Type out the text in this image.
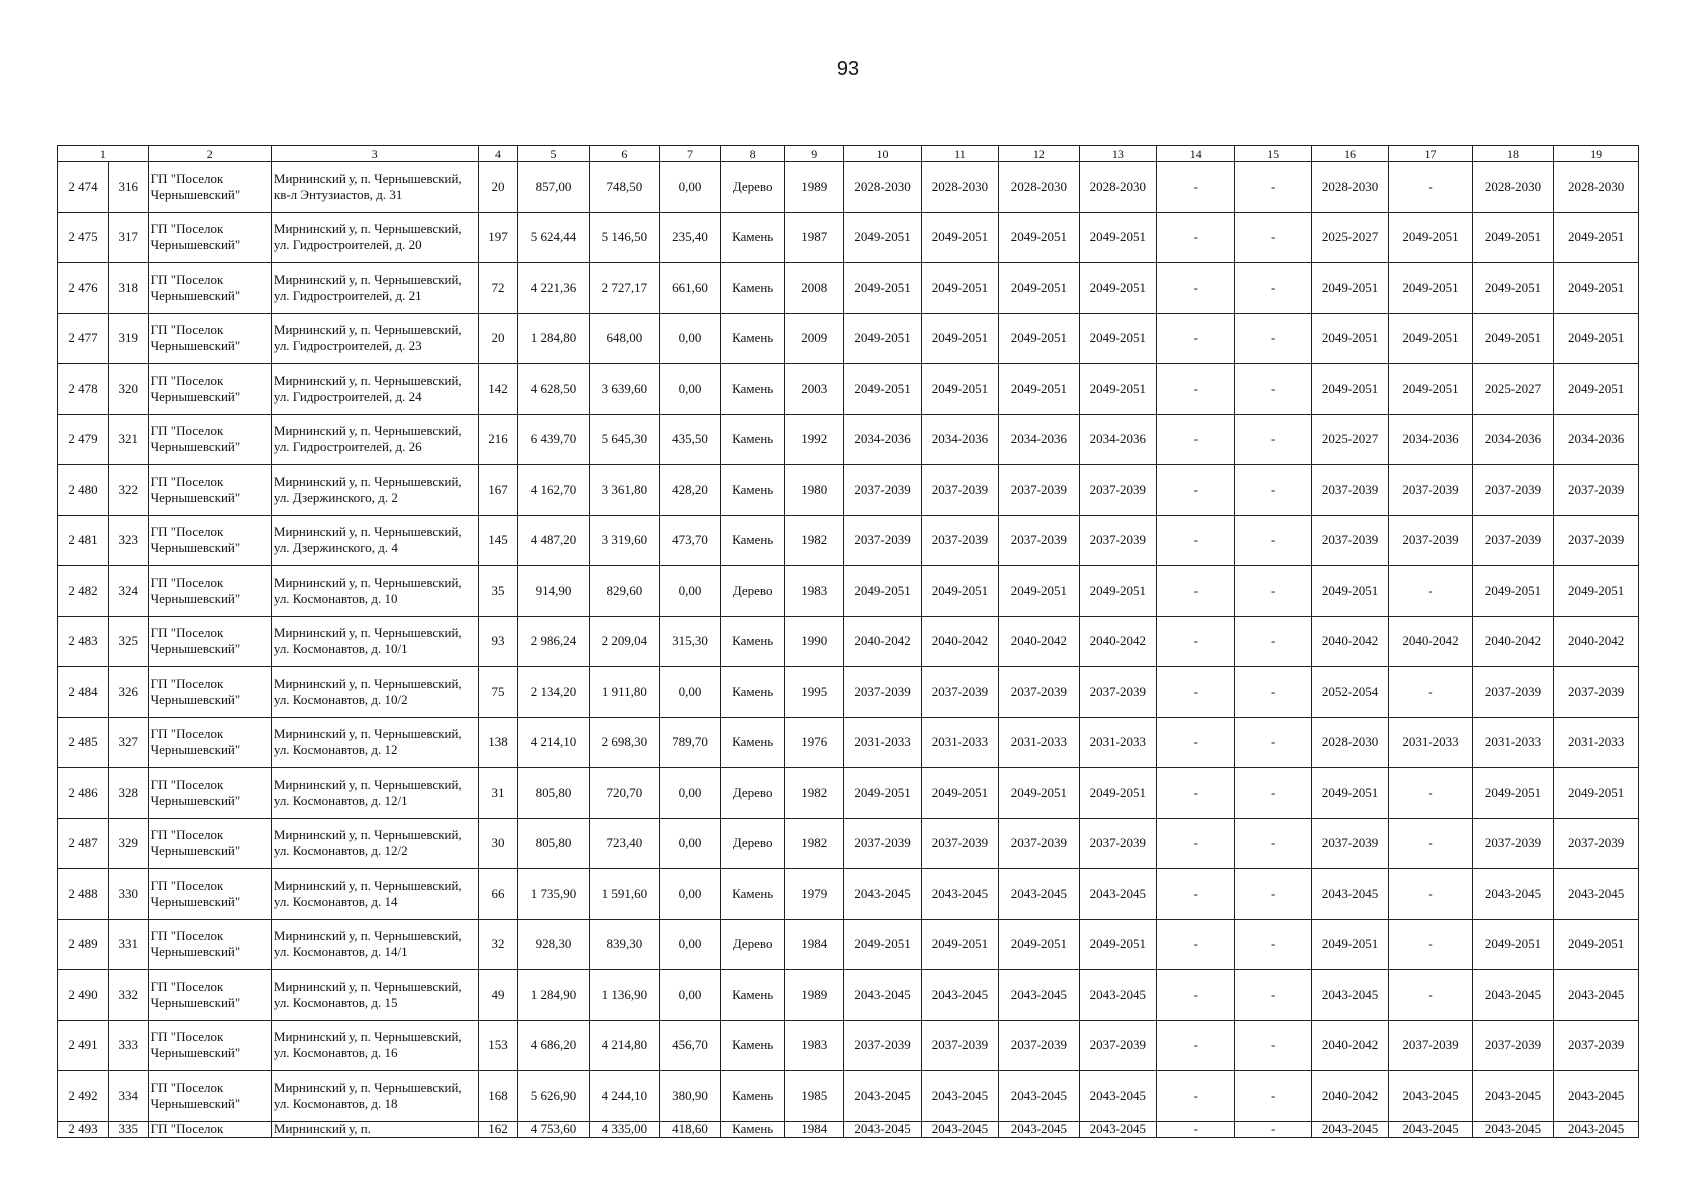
93
1		2	3	4	5	6	7	8	9	10	11	12	13	14	15	16	17	18	19
2 474	316	ГП "Поселок Чернышевский"	Мирнинский у, п. Чернышевский, кв-л Энтузиастов, д. 31	20	857,00	748,50	0,00	Дерево	1989	2028-2030	2028-2030	2028-2030	2028-2030	-	-	2028-2030	-	2028-2030	2028-2030
2 475	317	ГП "Поселок Чернышевский"	Мирнинский у, п. Чернышевский, ул. Гидростроителей, д. 20	197	5 624,44	5 146,50	235,40	Камень	1987	2049-2051	2049-2051	2049-2051	2049-2051	-	-	2025-2027	2049-2051	2049-2051	2049-2051
2 476	318	ГП "Поселок Чернышевский"	Мирнинский у, п. Чернышевский, ул. Гидростроителей, д. 21	72	4 221,36	2 727,17	661,60	Камень	2008	2049-2051	2049-2051	2049-2051	2049-2051	-	-	2049-2051	2049-2051	2049-2051	2049-2051
2 477	319	ГП "Поселок Чернышевский"	Мирнинский у, п. Чернышевский, ул. Гидростроителей, д. 23	20	1 284,80	648,00	0,00	Камень	2009	2049-2051	2049-2051	2049-2051	2049-2051	-	-	2049-2051	2049-2051	2049-2051	2049-2051
2 478	320	ГП "Поселок Чернышевский"	Мирнинский у, п. Чернышевский, ул. Гидростроителей, д. 24	142	4 628,50	3 639,60	0,00	Камень	2003	2049-2051	2049-2051	2049-2051	2049-2051	-	-	2049-2051	2049-2051	2025-2027	2049-2051
2 479	321	ГП "Поселок Чернышевский"	Мирнинский у, п. Чернышевский, ул. Гидростроителей, д. 26	216	6 439,70	5 645,30	435,50	Камень	1992	2034-2036	2034-2036	2034-2036	2034-2036	-	-	2025-2027	2034-2036	2034-2036	2034-2036
2 480	322	ГП "Поселок Чернышевский"	Мирнинский у, п. Чернышевский, ул. Дзержинского, д. 2	167	4 162,70	3 361,80	428,20	Камень	1980	2037-2039	2037-2039	2037-2039	2037-2039	-	-	2037-2039	2037-2039	2037-2039	2037-2039
2 481	323	ГП "Поселок Чернышевский"	Мирнинский у, п. Чернышевский, ул. Дзержинского, д. 4	145	4 487,20	3 319,60	473,70	Камень	1982	2037-2039	2037-2039	2037-2039	2037-2039	-	-	2037-2039	2037-2039	2037-2039	2037-2039
2 482	324	ГП "Поселок Чернышевский"	Мирнинский у, п. Чернышевский, ул. Космонавтов, д. 10	35	914,90	829,60	0,00	Дерево	1983	2049-2051	2049-2051	2049-2051	2049-2051	-	-	2049-2051	-	2049-2051	2049-2051
2 483	325	ГП "Поселок Чернышевский"	Мирнинский у, п. Чернышевский, ул. Космонавтов, д. 10/1	93	2 986,24	2 209,04	315,30	Камень	1990	2040-2042	2040-2042	2040-2042	2040-2042	-	-	2040-2042	2040-2042	2040-2042	2040-2042
2 484	326	ГП "Поселок Чернышевский"	Мирнинский у, п. Чернышевский, ул. Космонавтов, д. 10/2	75	2 134,20	1 911,80	0,00	Камень	1995	2037-2039	2037-2039	2037-2039	2037-2039	-	-	2052-2054	-	2037-2039	2037-2039
2 485	327	ГП "Поселок Чернышевский"	Мирнинский у, п. Чернышевский, ул. Космонавтов, д. 12	138	4 214,10	2 698,30	789,70	Камень	1976	2031-2033	2031-2033	2031-2033	2031-2033	-	-	2028-2030	2031-2033	2031-2033	2031-2033
2 486	328	ГП "Поселок Чернышевский"	Мирнинский у, п. Чернышевский, ул. Космонавтов, д. 12/1	31	805,80	720,70	0,00	Дерево	1982	2049-2051	2049-2051	2049-2051	2049-2051	-	-	2049-2051	-	2049-2051	2049-2051
2 487	329	ГП "Поселок Чернышевский"	Мирнинский у, п. Чернышевский, ул. Космонавтов, д. 12/2	30	805,80	723,40	0,00	Дерево	1982	2037-2039	2037-2039	2037-2039	2037-2039	-	-	2037-2039	-	2037-2039	2037-2039
2 488	330	ГП "Поселок Чернышевский"	Мирнинский у, п. Чернышевский, ул. Космонавтов, д. 14	66	1 735,90	1 591,60	0,00	Камень	1979	2043-2045	2043-2045	2043-2045	2043-2045	-	-	2043-2045	-	2043-2045	2043-2045
2 489	331	ГП "Поселок Чернышевский"	Мирнинский у, п. Чернышевский, ул. Космонавтов, д. 14/1	32	928,30	839,30	0,00	Дерево	1984	2049-2051	2049-2051	2049-2051	2049-2051	-	-	2049-2051	-	2049-2051	2049-2051
2 490	332	ГП "Поселок Чернышевский"	Мирнинский у, п. Чернышевский, ул. Космонавтов, д. 15	49	1 284,90	1 136,90	0,00	Камень	1989	2043-2045	2043-2045	2043-2045	2043-2045	-	-	2043-2045	-	2043-2045	2043-2045
2 491	333	ГП "Поселок Чернышевский"	Мирнинский у, п. Чернышевский, ул. Космонавтов, д. 16	153	4 686,20	4 214,80	456,70	Камень	1983	2037-2039	2037-2039	2037-2039	2037-2039	-	-	2040-2042	2037-2039	2037-2039	2037-2039
2 492	334	ГП "Поселок Чернышевский"	Мирнинский у, п. Чернышевский, ул. Космонавтов, д. 18	168	5 626,90	4 244,10	380,90	Камень	1985	2043-2045	2043-2045	2043-2045	2043-2045	-	-	2040-2042	2043-2045	2043-2045	2043-2045
2 493	335	ГП "Поселок	Мирнинский у, п.	162	4 753,60	4 335,00	418,60	Камень	1984	2043-2045	2043-2045	2043-2045	2043-2045	-	-	2043-2045	2043-2045	2043-2045	2043-2045
